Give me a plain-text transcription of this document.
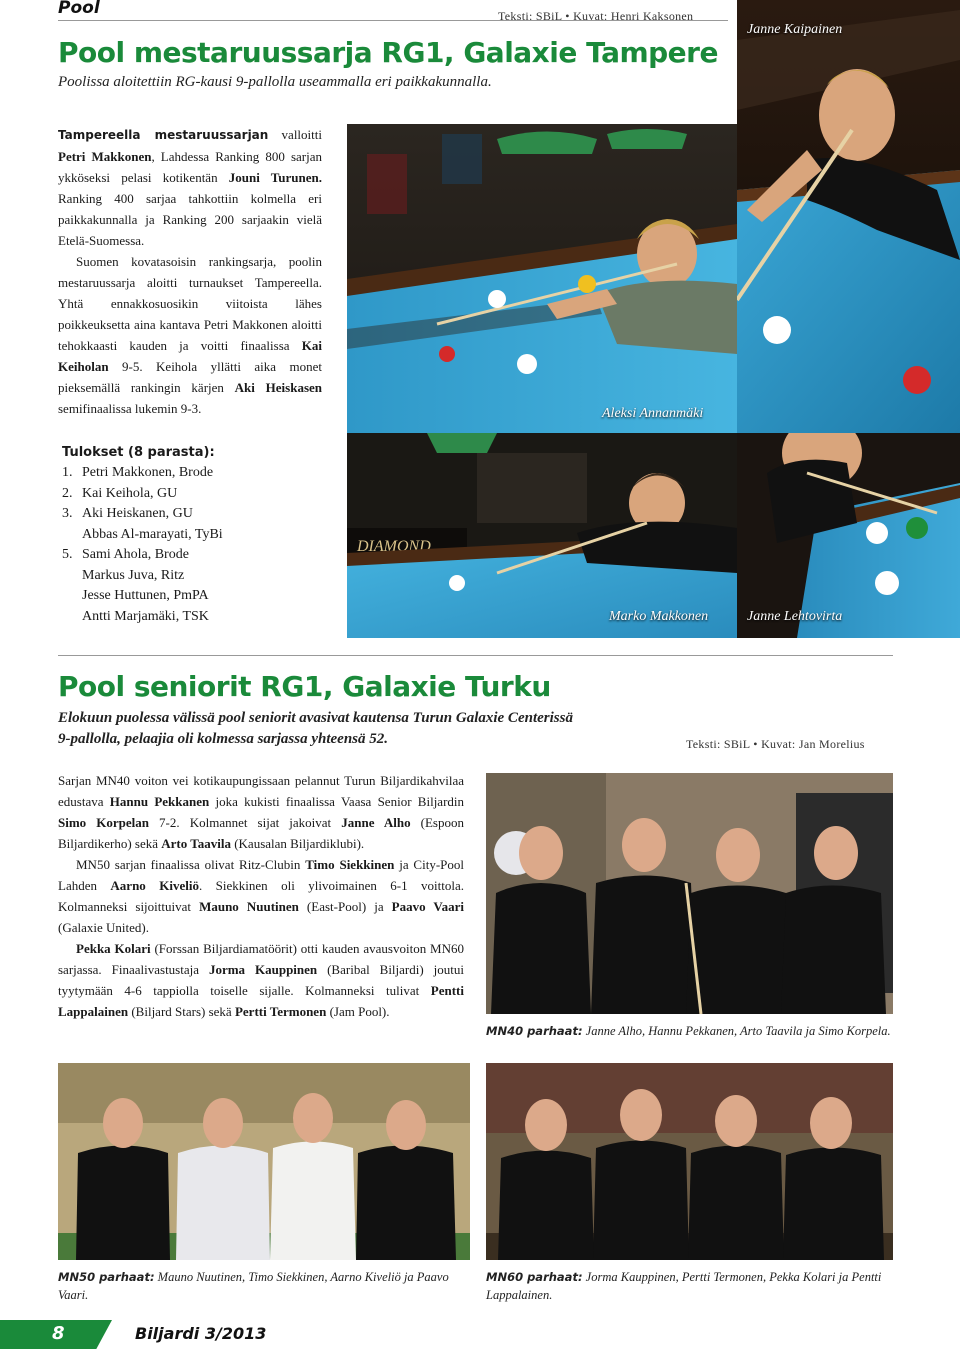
Pool	Teksti: SBiL • Kuvat: Henri Kaksonen
Pool mestaruussarja RG1, Galaxie Tampere
Poolissa aloitettiin RG-kausi 9-pallolla useammalla eri paikkakunnalla.

Tampereella mestaruussarjan valloitti Petri Makkonen, Lahdessa Ranking 800 sarjan ykköseksi pelasi kotikentän Jouni Turunen. Ranking 400 sarjaa tahkottiin kolmella eri paikkakunnalla ja Ranking 200 sarjaakin vielä Etelä-Suomessa.

Suomen kovatasoisin rankingsarja, poolin mestaruussarja aloitti turnaukset Tampereella. Yhtä ennakkosuosikin viitoista lähes poikkeuksetta aina kantava Petri Makkonen aloitti tehokkaasti kauden ja voitti finaalissa Kai Keiholan 9-5. Keihola yllätti aika monet pieksemällä rankingin kärjen Aki Heiskasen semifinaalissa lukemin 9-3.

Tulokset (8 parasta):
1. Petri Makkonen, Brode
2. Kai Keihola, GU
3. Aki Heiskanen, GU
Abbas Al-marayati, TyBi
5. Sami Ahola, Brode
Markus Juva, Ritz
Jesse Huttunen, PmPA
Antti Marjamäki, TSK
Janne Kaipainen
Aleksi Annanmäki
DIAMOND
Marko Makkonen	Janne Lehtovirta
Pool seniorit RG1, Galaxie Turku
Elokuun puolessa välissä pool seniorit avasivat kautensa Turun Galaxie Centerissä 9-pallolla, pelaajia oli kolmessa sarjassa yhteensä 52.	Teksti: SBiL • Kuvat: Jan Morelius

Sarjan MN40 voiton vei kotikaupungissaan pelannut Turun Biljardikahvilaa edustava Hannu Pekkanen joka kukisti finaalissa Vaasa Senior Biljardin Simo Korpelan 7-2. Kolmannet sijat jakoivat Janne Alho (Espoon Biljardikerho) sekä Arto Taavila (Kausalan Biljardiklubi).

MN50 sarjan finaalissa olivat Ritz-Clubin Timo Siekkinen ja City-Pool Lahden Aarno Kiveliö. Siekkinen oli ylivoimainen 6-1 voittola. Kolmanneksi sijoittuivat Mauno Nuutinen (East-Pool) ja Paavo Vaari (Galaxie United).

Pekka Kolari (Forssan Biljardiamatöörit) otti kauden avausvoiton MN60 sarjassa. Finaalivastustaja Jorma Kauppinen (Baribal Biljardi) joutui tyytymään 4-6 tappiolla toiselle sijalle. Kolmanneksi tulivat Pentti Lappalainen (Biljard Stars) sekä Pertti Termonen (Jam Pool).

MN40 parhaat: Janne Alho, Hannu Pekkanen, Arto Taavila ja Simo Korpela.
MN50 parhaat: Mauno Nuutinen, Timo Siekkinen, Aarno Kiveliö ja Paavo Vaari.
MN60 parhaat: Jorma Kauppinen, Pertti Termonen, Pekka Kolari ja Pentti Lappalainen.
8	Biljardi 3/2013
